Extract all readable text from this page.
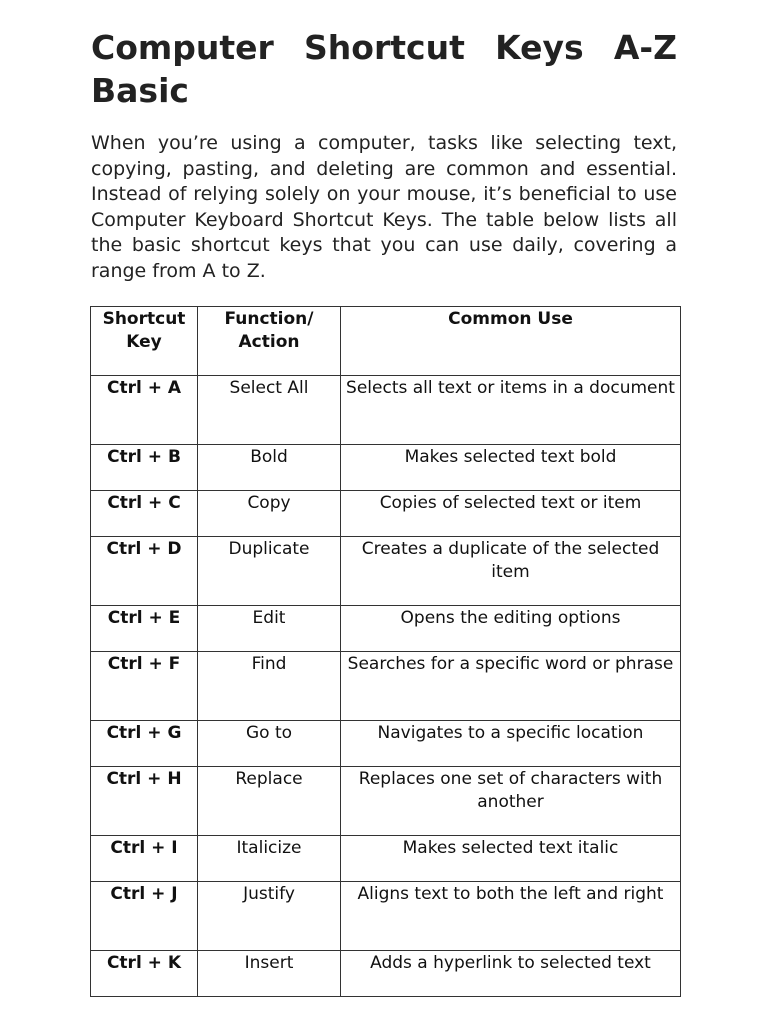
Computer Shortcut Keys A-Z Basic

When you’re using a computer, tasks like selecting text, copying, pasting, and deleting are common and essential. Instead of relying solely on your mouse, it’s beneficial to use Computer Keyboard Shortcut Keys. The table below lists all the basic shortcut keys that you can use daily, covering a range from A to Z.

Shortcut Key	Function/ Action	Common Use
Ctrl + A	Select All	Selects all text or items in a document
Ctrl + B	Bold	Makes selected text bold
Ctrl + C	Copy	Copies of selected text or item
Ctrl + D	Duplicate	Creates a duplicate of the selected item
Ctrl + E	Edit	Opens the editing options
Ctrl + F	Find	Searches for a specific word or phrase
Ctrl + G	Go to	Navigates to a specific location
Ctrl + H	Replace	Replaces one set of characters with another
Ctrl + I	Italicize	Makes selected text italic
Ctrl + J	Justify	Aligns text to both the left and right
Ctrl + K	Insert	Adds a hyperlink to selected text
